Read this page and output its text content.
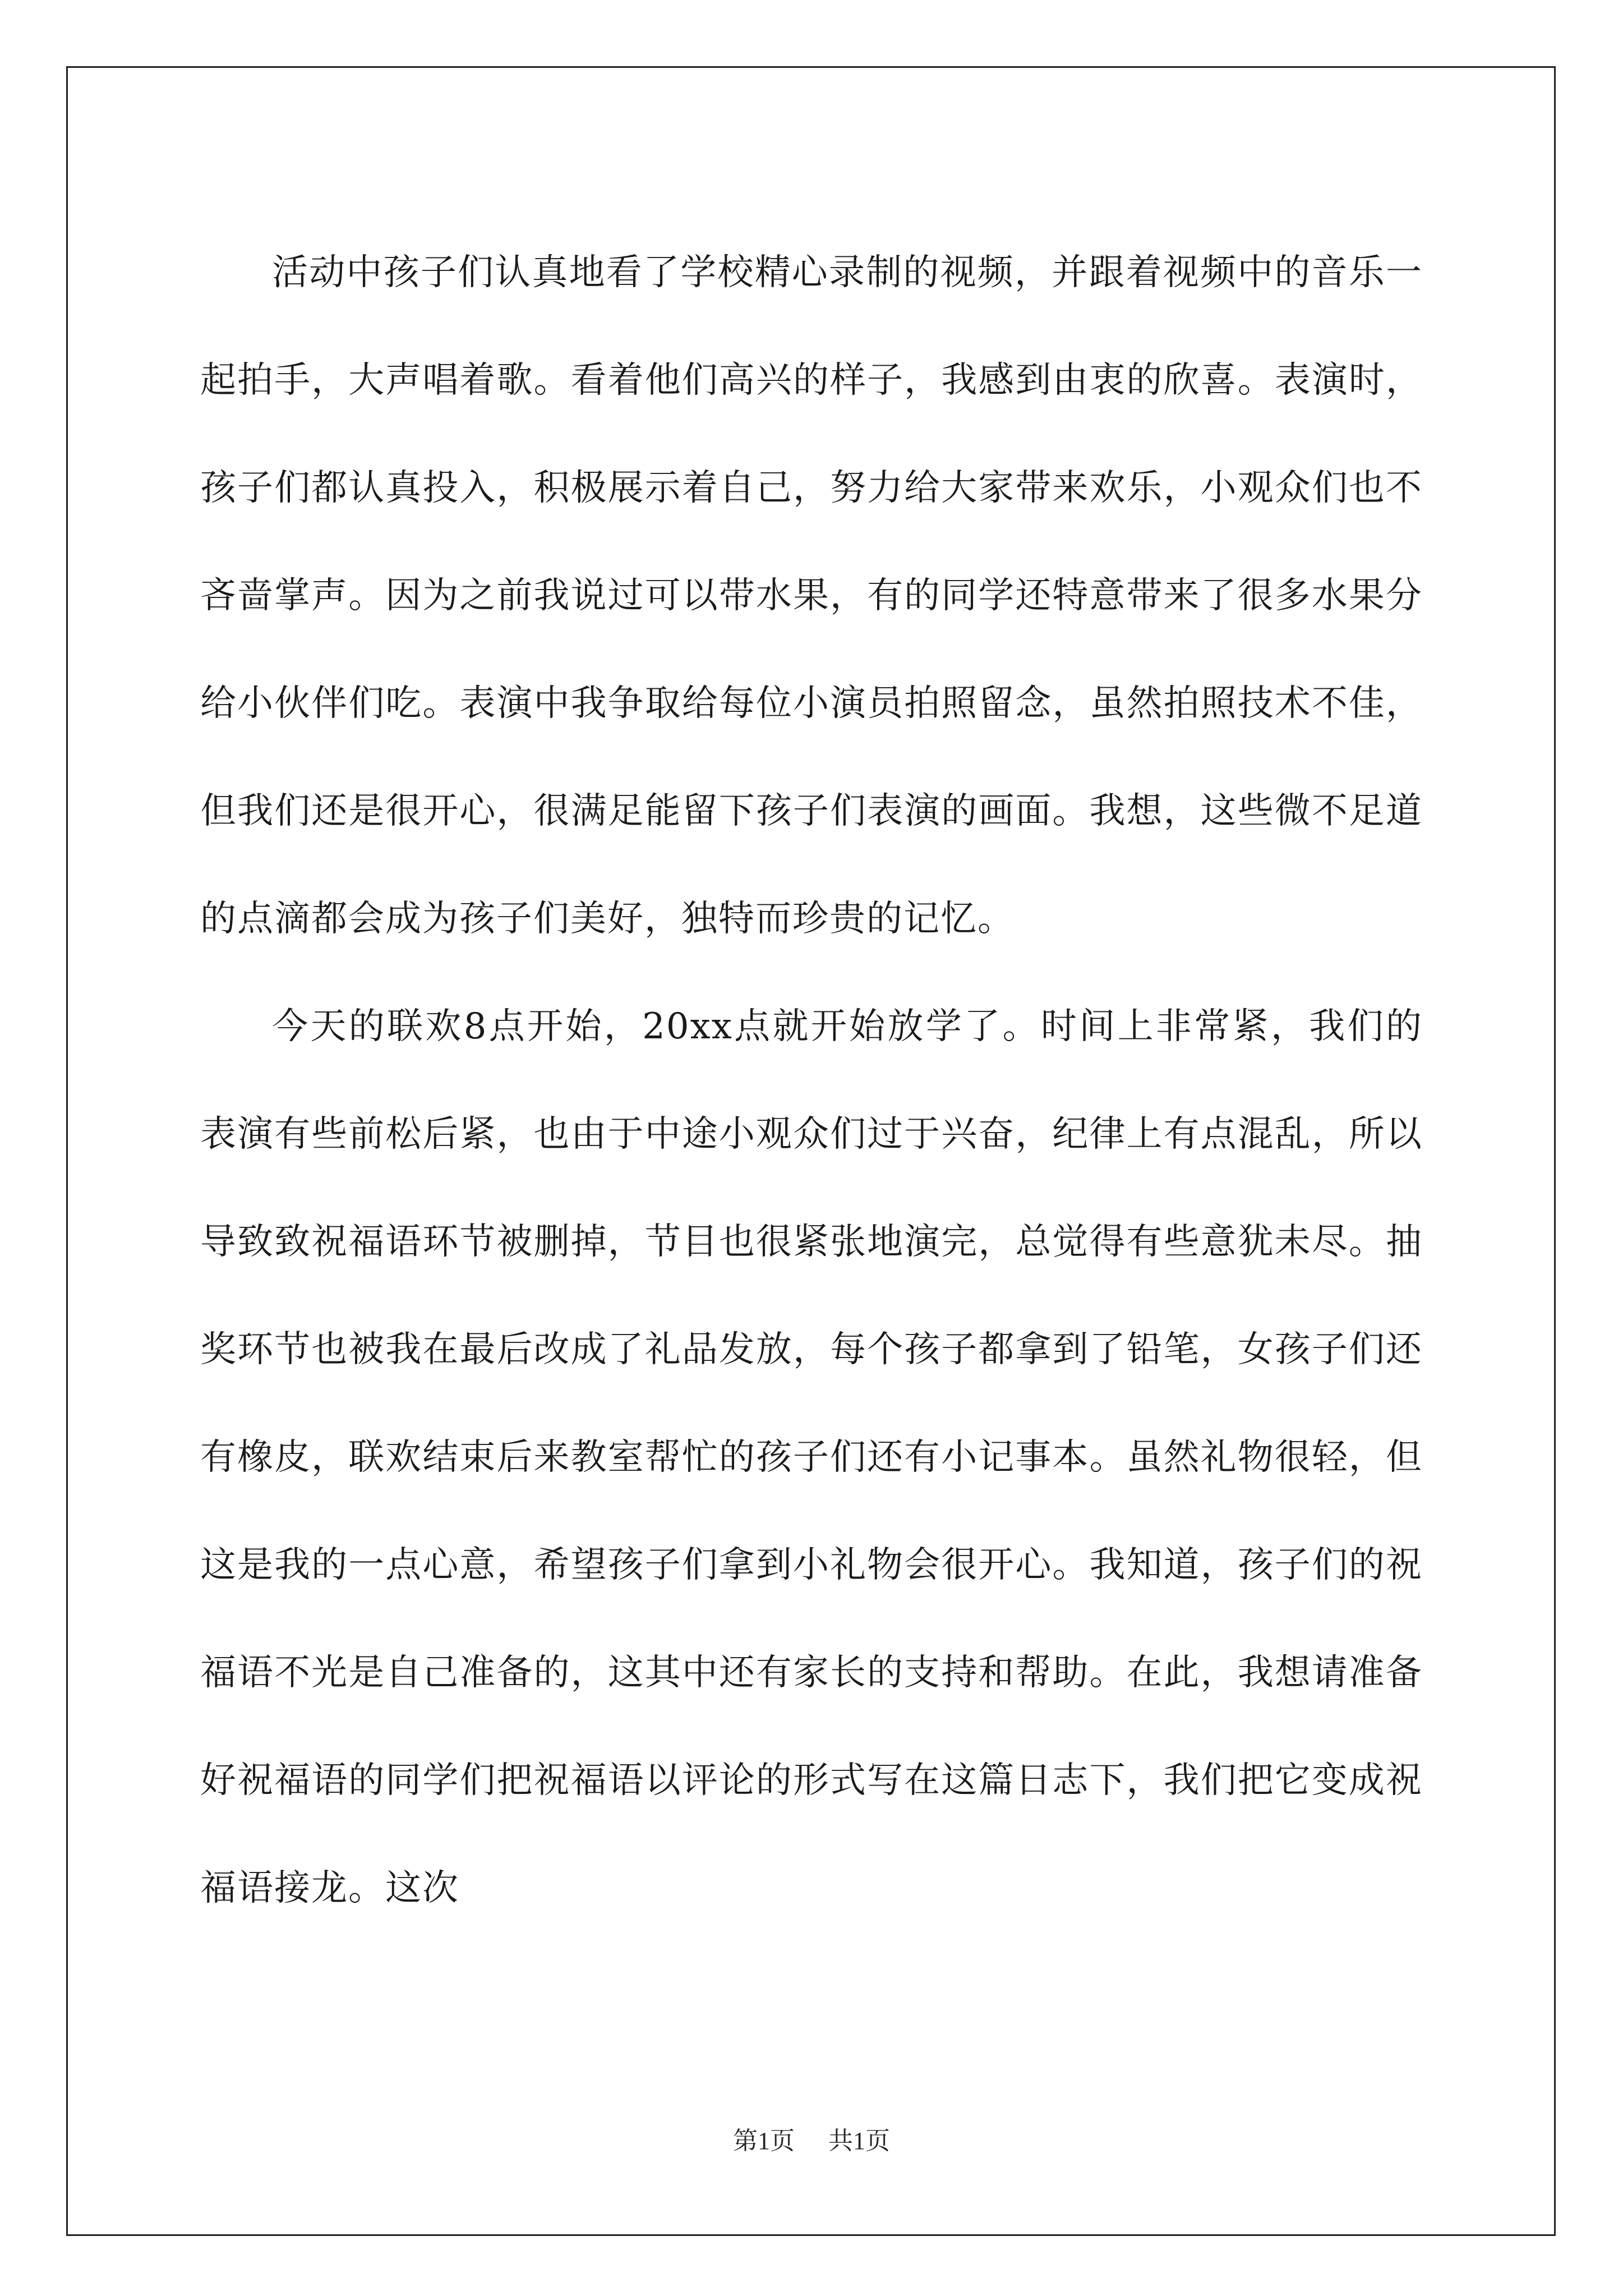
活动中孩子们认真地看了学校精心录制的视频，并跟着视频中的音乐一起拍手，大声唱着歌。看着他们高兴的样子，我感到由衷的欣喜。表演时，孩子们都认真投入，积极展示着自己，努力给大家带来欢乐，小观众们也不吝啬掌声。因为之前我说过可以带水果，有的同学还特意带来了很多水果分给小伙伴们吃。表演中我争取给每位小演员拍照留念，虽然拍照技术不佳，但我们还是很开心，很满足能留下孩子们表演的画面。我想，这些微不足道的点滴都会成为孩子们美好，独特而珍贵的记忆。

今天的联欢8点开始，20xx点就开始放学了。时间上非常紧，我们的表演有些前松后紧，也由于中途小观众们过于兴奋，纪律上有点混乱，所以导致致祝福语环节被删掉，节目也很紧张地演完，总觉得有些意犹未尽。抽奖环节也被我在最后改成了礼品发放，每个孩子都拿到了铅笔，女孩子们还有橡皮，联欢结束后来教室帮忙的孩子们还有小记事本。虽然礼物很轻，但这是我的一点心意，希望孩子们拿到小礼物会很开心。我知道，孩子们的祝福语不光是自己准备的，这其中还有家长的支持和帮助。在此，我想请准备好祝福语的同学们把祝福语以评论的形式写在这篇日志下，我们把它变成祝福语接龙。这次

第1页 共1页
